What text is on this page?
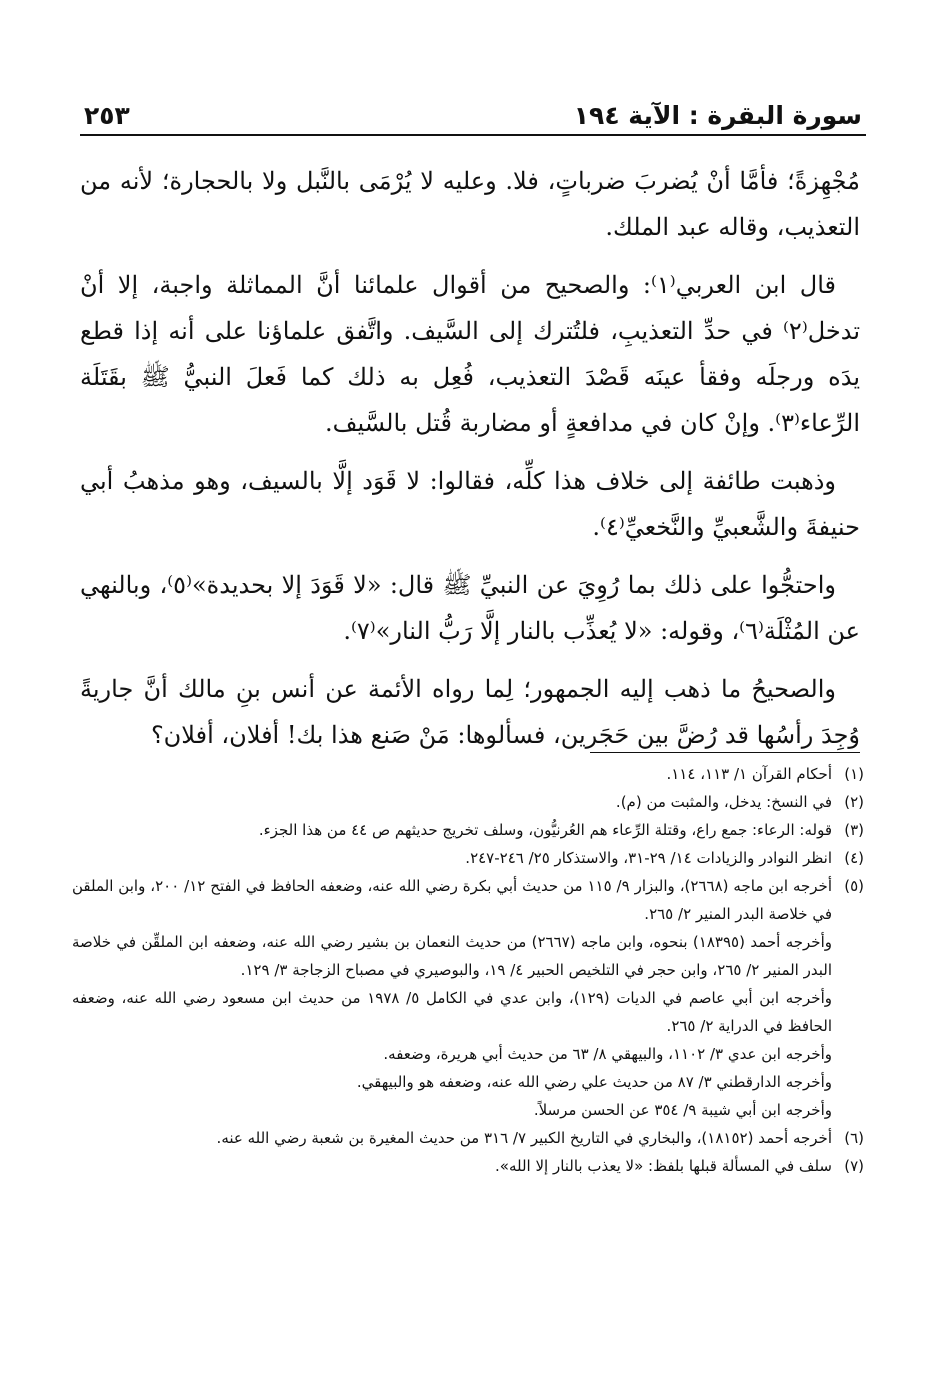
سورة البقرة : الآية ١٩٤
٢٥٣

مُجْهِزةً؛ فأمَّا أنْ يُضربَ ضرباتٍ، فلا. وعليه لا يُرْمَى بالنَّبل ولا بالحجارة؛ لأنه من التعذيب، وقاله عبد الملك.

قال ابن العربي⁽١⁾: والصحيح من أقوال علمائنا أنَّ المماثلة واجبة، إلا أنْ تدخل⁽٢⁾ في حدِّ التعذيبِ، فلتُترك إلى السَّيف. واتَّفق علماؤنا على أنه إذا قطع يدَه ورجلَه وفقأ عينَه قَصْدَ التعذيب، فُعِل به ذلك كما فَعلَ النبيُّ ﷺ بقَتَلَة الرِّعاء⁽٣⁾. وإنْ كان في مدافعةٍ أو مضاربة قُتل بالسَّيف.

وذهبت طائفة إلى خلاف هذا كلِّه، فقالوا: لا قَوَد إلَّا بالسيف، وهو مذهبُ أبي حنيفةَ والشَّعبيِّ والنَّخعيِّ⁽٤⁾.

واحتجُّوا على ذلك بما رُوِيَ عن النبيِّ ﷺ قال: «لا قَوَدَ إلا بحديدة»⁽٥⁾، وبالنهي عن المُثْلَة⁽٦⁾، وقوله: «لا يُعذِّب بالنار إلَّا رَبُّ النار»⁽٧⁾.

والصحيحُ ما ذهب إليه الجمهور؛ لِما رواه الأئمة عن أنس بنِ مالك أنَّ جاريةً وُجِدَ رأسُها قد رُضَّ بين حَجَرين، فسألوها: مَنْ صَنع هذا بك! أفلان، أفلان؟

(١)
أحكام القرآن ١/ ١١٣، ١١٤.
(٢)
في النسخ: يدخل، والمثبت من (م).
(٣)
قوله: الرعاء: جمع راع، وقتلة الرِّعاء هم العُرنيُّون، وسلف تخريج حديثهم ص ٤٤ من هذا الجزء.
(٤)
انظر النوادر والزيادات ١٤/ ٢٩-٣١، والاستذكار ٢٥/ ٢٤٦-٢٤٧.
(٥)
أخرجه ابن ماجه (٢٦٦٨)، والبزار ٩/ ١١٥ من حديث أبي بكرة رضي الله عنه، وضعفه الحافظ في الفتح ١٢/ ٢٠٠، وابن الملقن في خلاصة البدر المنير ٢/ ٢٦٥.
وأخرجه أحمد (١٨٣٩٥) بنحوه، وابن ماجه (٢٦٦٧) من حديث النعمان بن بشير رضي الله عنه، وضعفه ابن الملقِّن في خلاصة البدر المنير ٢/ ٢٦٥، وابن حجر في التلخيص الحبير ٤/ ١٩، والبوصيري في مصباح الزجاجة ٣/ ١٢٩.
وأخرجه ابن أبي عاصم في الديات (١٢٩)، وابن عدي في الكامل ٥/ ١٩٧٨ من حديث ابن مسعود رضي الله عنه، وضعفه الحافظ في الدراية ٢/ ٢٦٥.
وأخرجه ابن عدي ٣/ ١١٠٢، والبيهقي ٨/ ٦٣ من حديث أبي هريرة، وضعفه.
وأخرجه الدارقطني ٣/ ٨٧ من حديث علي رضي الله عنه، وضعفه هو والبيهقي.
وأخرجه ابن أبي شيبة ٩/ ٣٥٤ عن الحسن مرسلاً.
(٦)
أخرجه أحمد (١٨١٥٢)، والبخاري في التاريخ الكبير ٧/ ٣١٦ من حديث المغيرة بن شعبة رضي الله عنه.
(٧)
سلف في المسألة قبلها بلفظ: «لا يعذب بالنار إلا الله».
